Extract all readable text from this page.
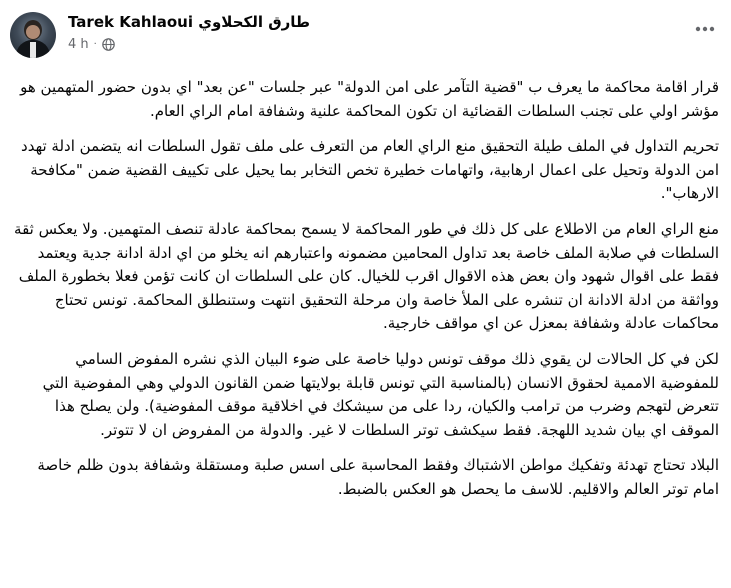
Tarek Kahlaoui طارق الكحلاوي
4 h ·

قرار اقامة محاكمة ما يعرف ب "قضية التآمر على امن الدولة" عبر جلسات "عن بعد" اي بدون حضور المتهمين هو مؤشر اولي على تجنب السلطات القضائية ان تكون المحاكمة علنية وشفافة امام الراي العام.

تحريم التداول في الملف طيلة التحقيق منع الراي العام من التعرف على ملف تقول السلطات انه يتضمن ادلة تهدد امن الدولة وتحيل على اعمال ارهابية، واتهامات خطيرة تخص التخابر بما يحيل على تكييف القضية ضمن "مكافحة الارهاب".

منع الراي العام من الاطلاع على كل ذلك في طور المحاكمة لا يسمح بمحاكمة عادلة تنصف المتهمين. ولا يعكس ثقة السلطات في صلابة الملف خاصة بعد تداول المحامين مضمونه واعتبارهم انه يخلو من اي ادلة ادانة جدية ويعتمد فقط على اقوال شهود وان بعض هذه الاقوال اقرب للخيال. كان على السلطات ان كانت تؤمن فعلا بخطورة الملف وواثقة من ادلة الادانة ان تنشره على الملأ خاصة وان مرحلة التحقيق انتهت وستنطلق المحاكمة. تونس تحتاج محاكمات عادلة وشفافة بمعزل عن اي مواقف خارجية.

لكن في كل الحالات لن يقوي ذلك موقف تونس دوليا خاصة على ضوء البيان الذي نشره المفوض السامي للمفوضية الاممية لحقوق الانسان (بالمناسبة التي تونس قابلة بولايتها ضمن القانون الدولي وهي المفوضية التي تتعرض لتهجم وضرب من ترامب والكيان، ردا على من سيشكك في اخلاقية موقف المفوضية). ولن يصلح هذا الموقف اي بيان شديد اللهجة. فقط سيكشف توتر السلطات لا غير. والدولة من المفروض ان لا تتوتر.

البلاد تحتاج تهدئة وتفكيك مواطن الاشتباك وفقط المحاسبة على اسس صلبة ومستقلة وشفافة بدون ظلم خاصة امام توتر العالم والاقليم. للاسف ما يحصل هو العكس بالضبط.
